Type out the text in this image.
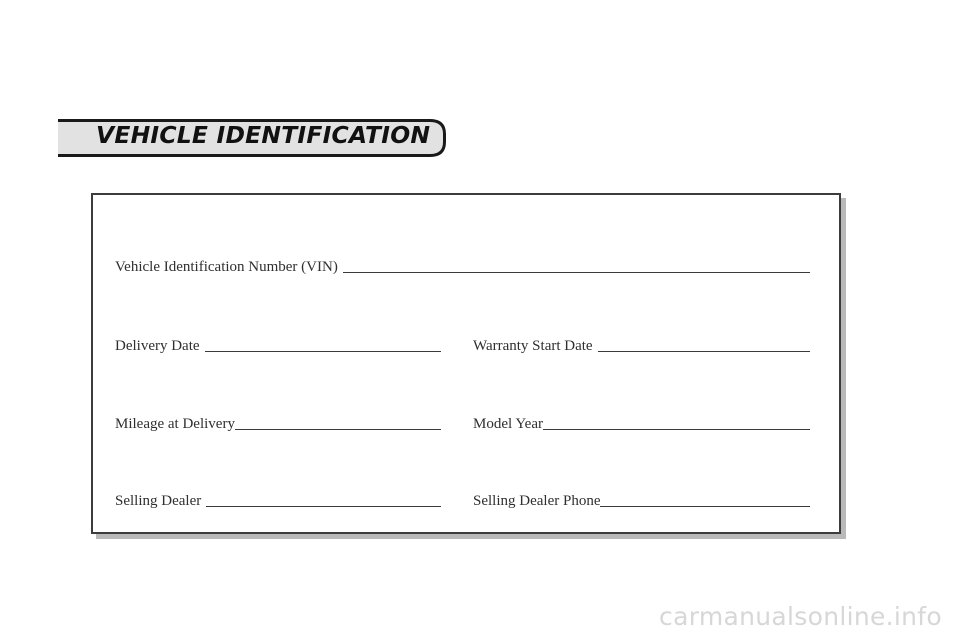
VEHICLE IDENTIFICATION
Vehicle Identification Number (VIN)
Delivery Date	Warranty Start Date
Mileage at Delivery	Model Year
Selling Dealer	Selling Dealer Phone
carmanualsonline.info
